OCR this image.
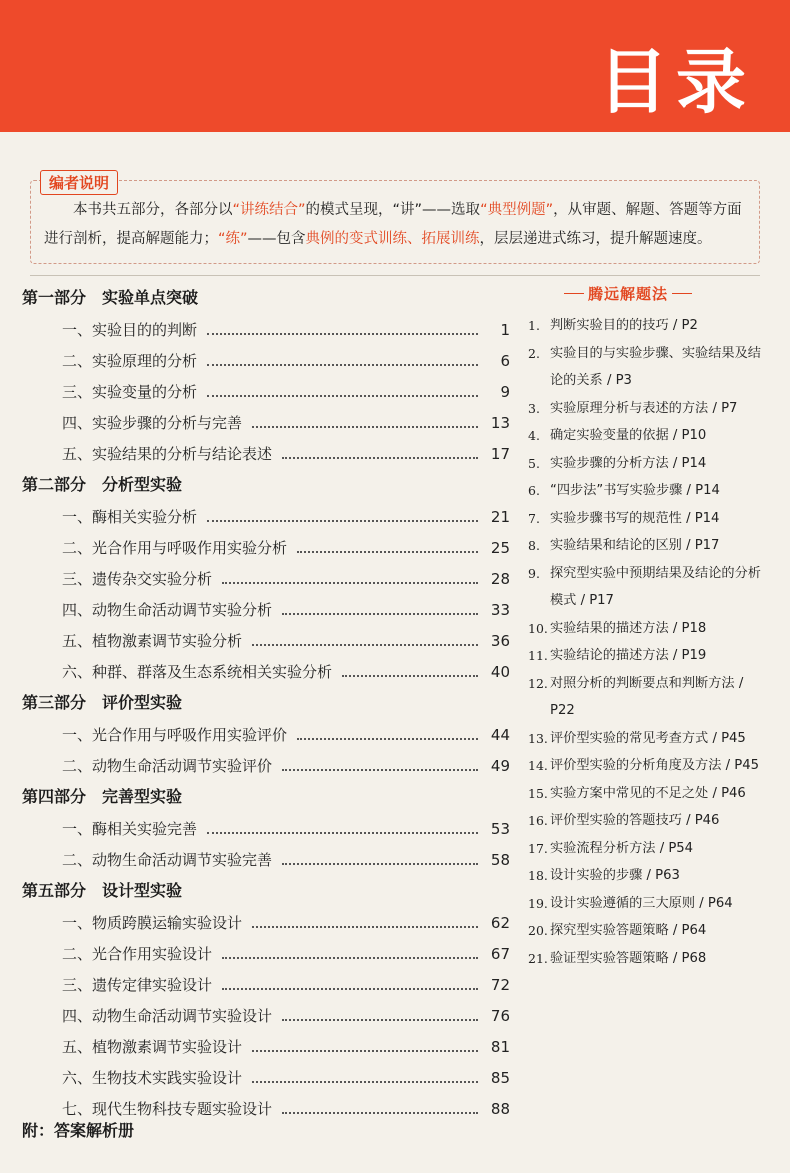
目录
编者说明
本书共五部分，各部分以“讲练结合”的模式呈现，“讲”——选取“典型例题”，从审题、解题、答题等方面进行剖析，提高解题能力；“练”——包含典例的变式训练、拓展训练，层层递进式练习，提升解题速度。
第一部分　实验单点突破
一、实验目的的判断	1
二、实验原理的分析	6
三、实验变量的分析	9
四、实验步骤的分析与完善	13
五、实验结果的分析与结论表述	17
第二部分　分析型实验
一、酶相关实验分析	21
二、光合作用与呼吸作用实验分析	25
三、遗传杂交实验分析	28
四、动物生命活动调节实验分析	33
五、植物激素调节实验分析	36
六、种群、群落及生态系统相关实验分析	40
第三部分　评价型实验
一、光合作用与呼吸作用实验评价	44
二、动物生命活动调节实验评价	49
第四部分　完善型实验
一、酶相关实验完善	53
二、动物生命活动调节实验完善	58
第五部分　设计型实验
一、物质跨膜运输实验设计	62
二、光合作用实验设计	67
三、遗传定律实验设计	72
四、动物生命活动调节实验设计	76
五、植物激素调节实验设计	81
六、生物技术实践实验设计	85
七、现代生物科技专题实验设计	88
附：答案解析册
腾远解题法
1. 判断实验目的的技巧 / P2
2. 实验目的与实验步骤、实验结果及结论的关系 / P3
3. 实验原理分析与表述的方法 / P7
4. 确定实验变量的依据 / P10
5. 实验步骤的分析方法 / P14
6. “四步法”书写实验步骤 / P14
7. 实验步骤书写的规范性 / P14
8. 实验结果和结论的区别 / P17
9. 探究型实验中预期结果及结论的分析模式 / P17
10. 实验结果的描述方法 / P18
11. 实验结论的描述方法 / P19
12. 对照分析的判断要点和判断方法 / P22
13. 评价型实验的常见考查方式 / P45
14. 评价型实验的分析角度及方法 / P45
15. 实验方案中常见的不足之处 / P46
16. 评价型实验的答题技巧 / P46
17. 实验流程分析方法 / P54
18. 设计实验的步骤 / P63
19. 设计实验遵循的三大原则 / P64
20. 探究型实验答题策略 / P64
21. 验证型实验答题策略 / P68
